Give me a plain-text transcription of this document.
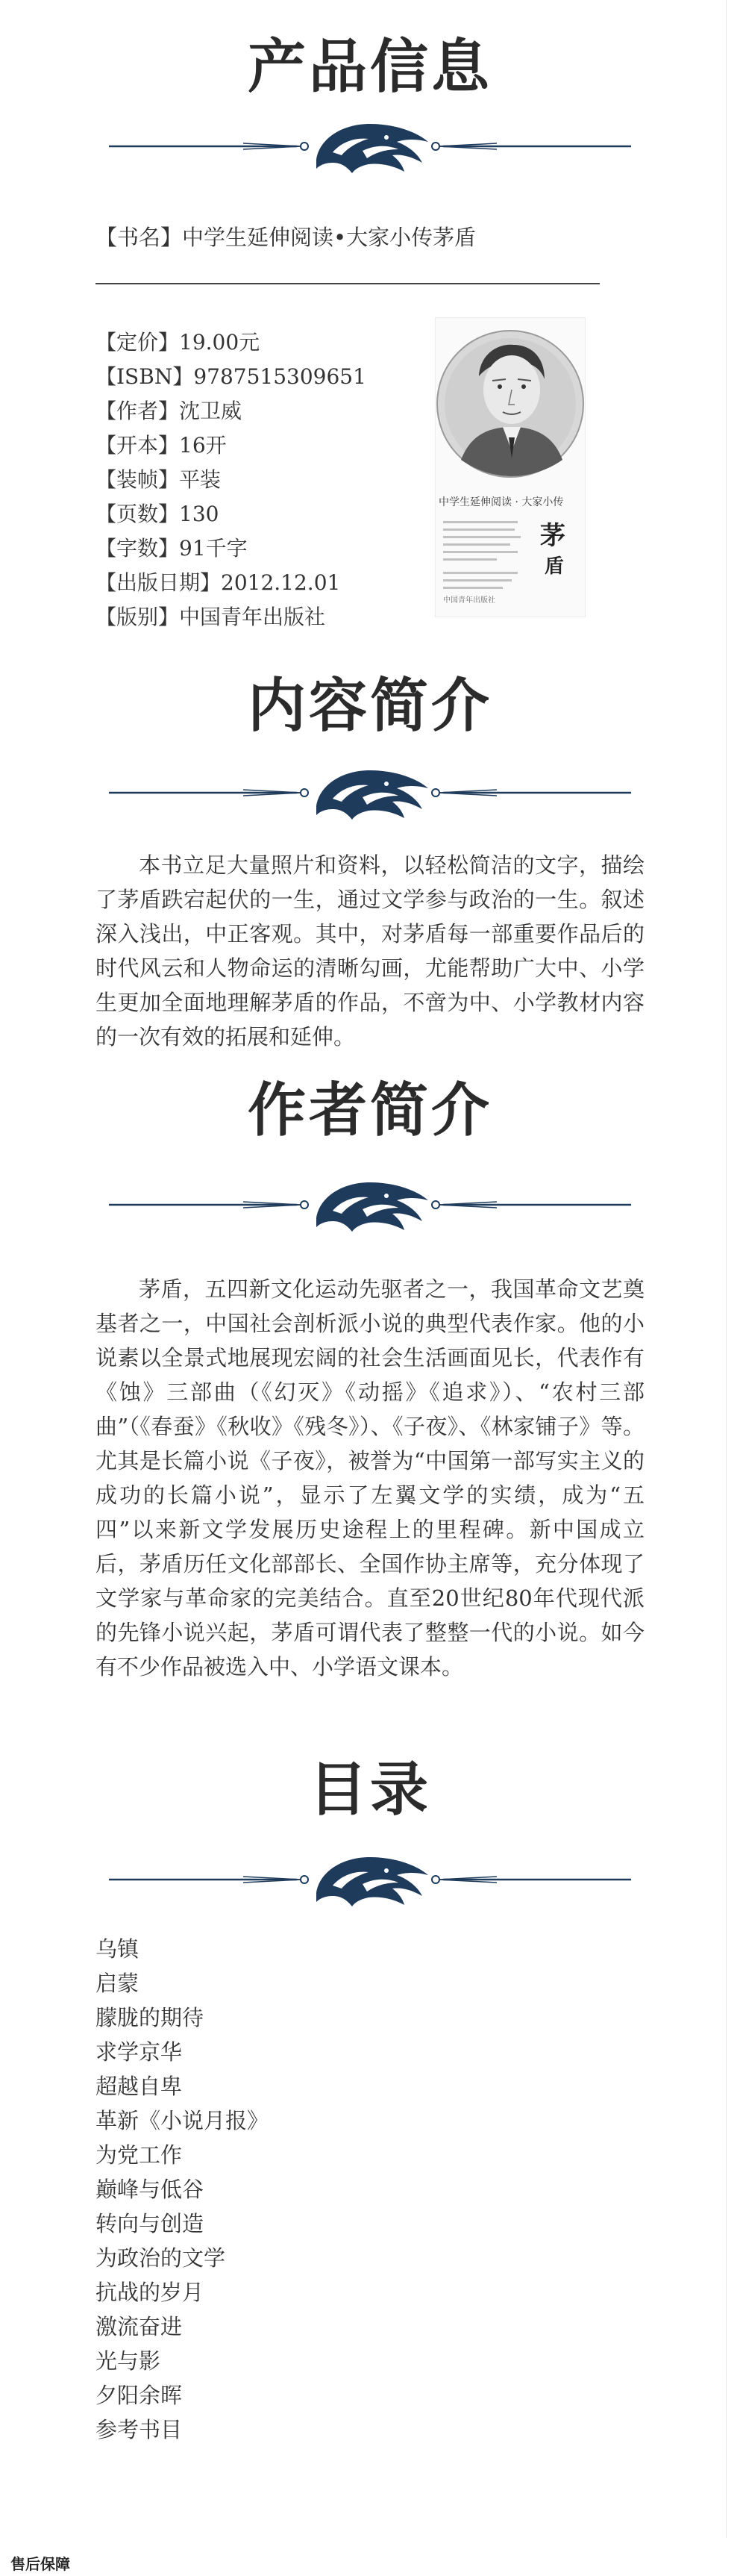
产品信息
【书名】中学生延伸阅读•大家小传茅盾
【定价】19.00元
【ISBN】9787515309651
【作者】沈卫威
【开本】16开
【装帧】平装
【页数】130
【字数】91千字
【出版日期】2012.12.01
【版别】中国青年出版社
中学生延伸阅读 · 大家小传
茅
盾
中国青年出版社
内容简介

本书立足大量照片和资料，以轻松简洁的文字，描绘了茅盾跌宕起伏的一生，通过文学参与政治的一生。叙述深入浅出，中正客观。其中，对茅盾每一部重要作品后的时代风云和人物命运的清晰勾画，尤能帮助广大中、小学生更加全面地理解茅盾的作品，不啻为中、小学教材内容的一次有效的拓展和延伸。

作者简介

茅盾，五四新文化运动先驱者之一，我国革命文艺奠基者之一，中国社会剖析派小说的典型代表作家。他的小说素以全景式地展现宏阔的社会生活画面见长，代表作有《蚀》三部曲（《幻灭》《动摇》《追求》）、“农村三部曲”（《春蚕》《秋收》《残冬》）、《子夜》、《林家铺子》等。尤其是长篇小说《子夜》，被誉为“中国第一部写实主义的成功的长篇小说”，显示了左翼文学的实绩，成为“五四”以来新文学发展历史途程上的里程碑。新中国成立后，茅盾历任文化部部长、全国作协主席等，充分体现了文学家与革命家的完美结合。直至20世纪80年代现代派的先锋小说兴起，茅盾可谓代表了整整一代的小说。如今有不少作品被选入中、小学语文课本。

目录
乌镇
启蒙
朦胧的期待
求学京华
超越自卑
革新《小说月报》
为党工作
巅峰与低谷
转向与创造
为政治的文学
抗战的岁月
激流奋进
光与影
夕阳余晖
参考书目
售后保障
